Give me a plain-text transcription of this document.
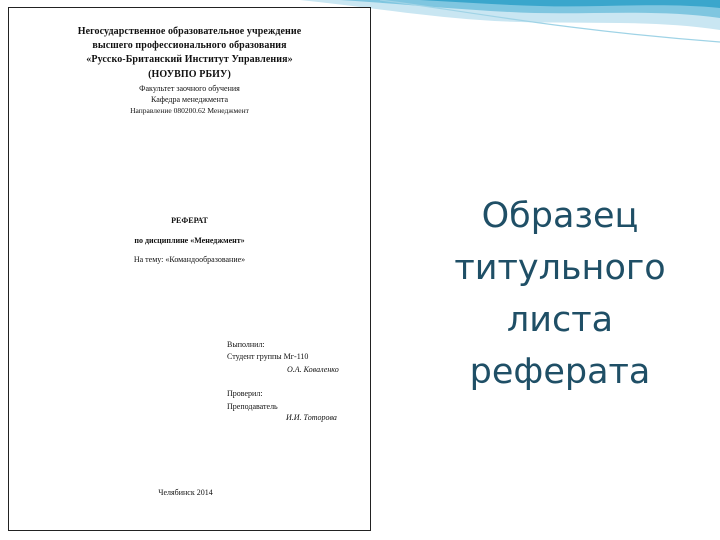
Негосударственное образовательное учреждение
высшего профессионального образования
«Русско-Британский Институт Управления»
(НОУВПО РБИУ)
Факультет заочного обучения
Кафедра менеджмента
Направление 080200.62 Менеджмент
РЕФЕРАТ
по дисциплине «Менеджмент»
На тему: «Командообразование»
Выполнил:
Студент группы Мг-110
О.А. Коваленко
Проверил:
Преподаватель
И.И. Тоторова
Челябинск 2014
Образец
титульного
листа
реферата
